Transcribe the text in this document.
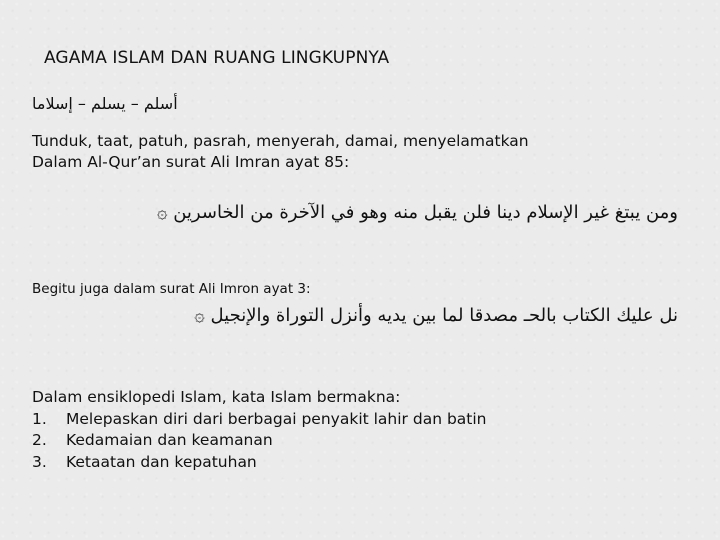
AGAMA ISLAM DAN RUANG LINGKUPNYA
أسلم – يسلم – إسلاما
Tunduk, taat, patuh, pasrah, menyerah, damai, menyelamatkan
Dalam Al-Qur’an surat Ali Imran ayat 85:
ومن يبتغ غير الإسلام دينا فلن يقبل منه وهو في الآخرة من الخاسرين ۞
Begitu juga dalam surat Ali Imron ayat 3:
نل عليك الكتاب بالحـ مصدقا لما بين يديه وأنزل التوراة والإنجيل ۞
Dalam ensiklopedi Islam, kata Islam bermakna:
1.	Melepaskan diri dari berbagai penyakit lahir dan batin
2.	Kedamaian dan keamanan
3.	Ketaatan dan kepatuhan
